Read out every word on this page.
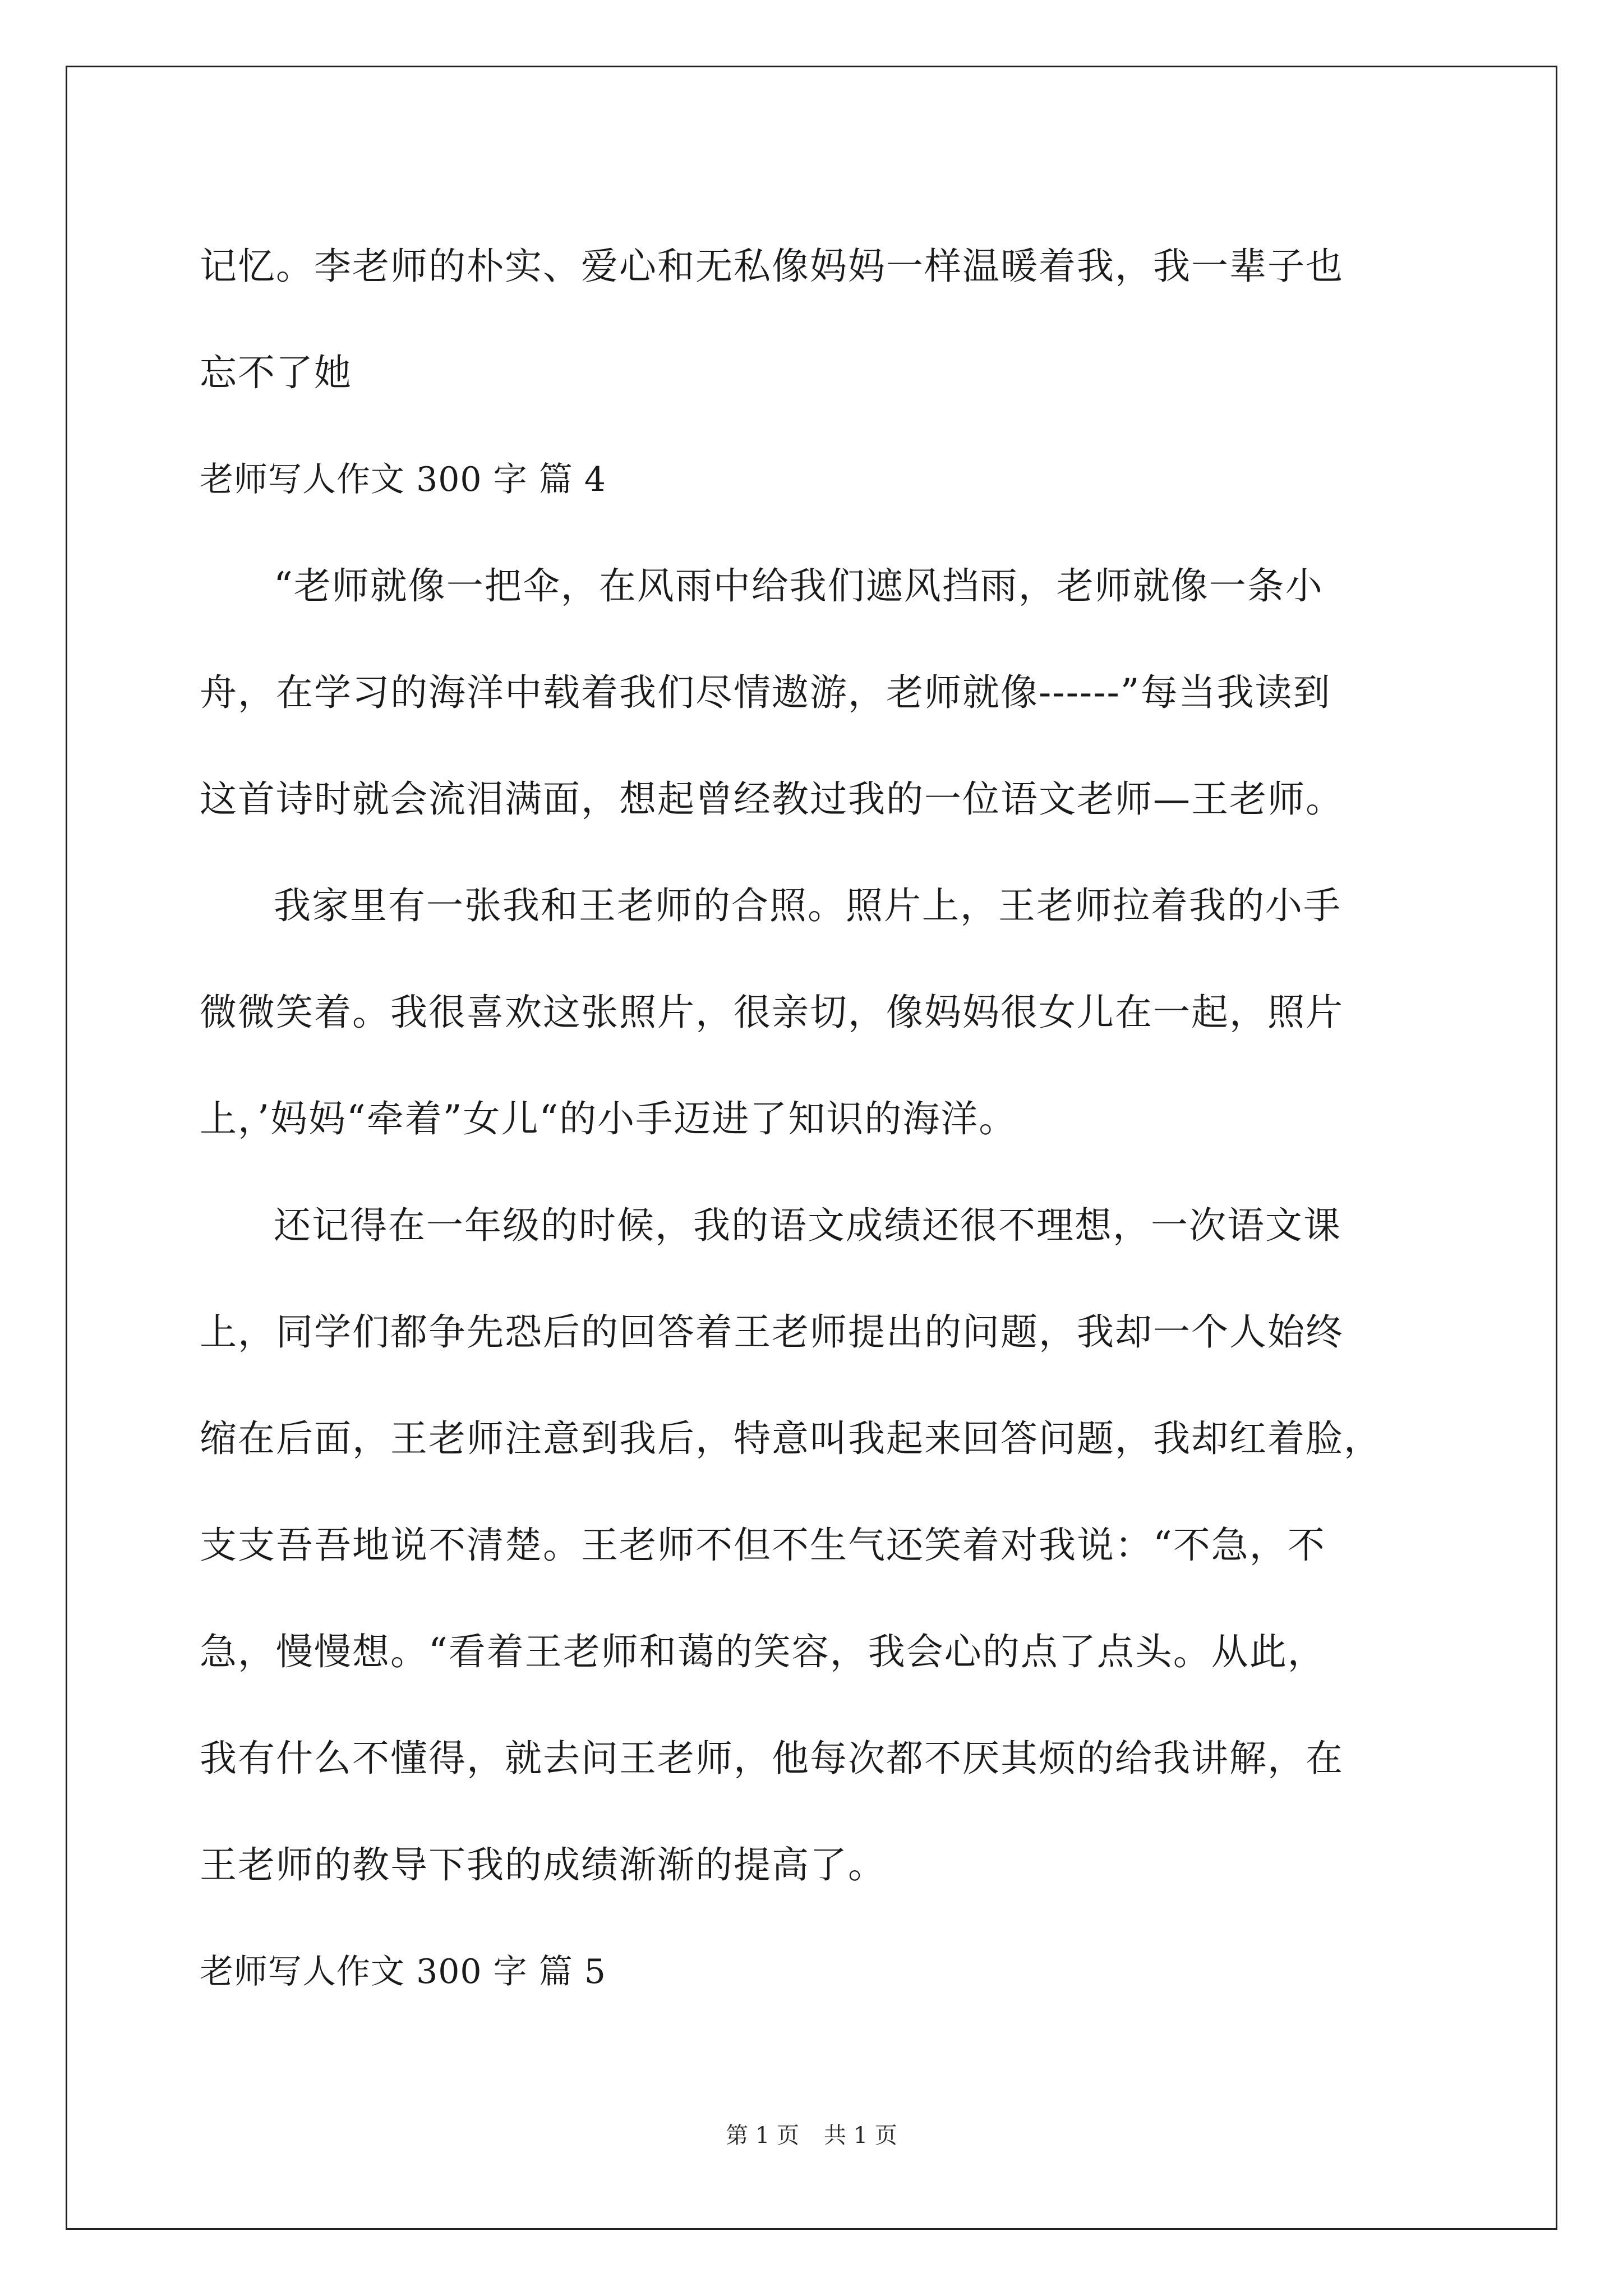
记忆。李老师的朴实、爱心和无私像妈妈一样温暖着我，我一辈子也
忘不了她
老师写人作文 300 字 篇 4
“老师就像一把伞，在风雨中给我们遮风挡雨，老师就像一条小
舟，在学习的海洋中载着我们尽情遨游，老师就像------”每当我读到
这首诗时就会流泪满面，想起曾经教过我的一位语文老师—王老师。
我家里有一张我和王老师的合照。照片上，王老师拉着我的小手
微微笑着。我很喜欢这张照片，很亲切，像妈妈很女儿在一起，照片
上，’妈妈“牵着”女儿“的小手迈进了知识的海洋。
还记得在一年级的时候，我的语文成绩还很不理想，一次语文课
上，同学们都争先恐后的回答着王老师提出的问题，我却一个人始终
缩在后面，王老师注意到我后，特意叫我起来回答问题，我却红着脸，
支支吾吾地说不清楚。王老师不但不生气还笑着对我说：“不急，不
急，慢慢想。“看着王老师和蔼的笑容，我会心的点了点头。从此，
我有什么不懂得，就去问王老师，他每次都不厌其烦的给我讲解，在
王老师的教导下我的成绩渐渐的提高了。
老师写人作文 300 字 篇 5
第 1 页 共 1 页
